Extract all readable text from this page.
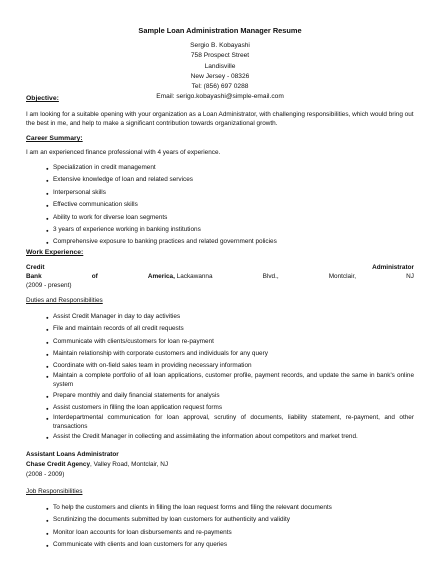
Sample Loan Administration Manager Resume
Sergio B. Kobayashi
758 Prospect Street
Landisville
New Jersey - 08326
Tel: (856) 697 0288
Email: serigo.kobayashi@simple-email.com
Objective:
I am looking for a suitable opening with your organization as a Loan Administrator, with challenging responsibilities, which would bring out the best in me, and help to make a significant contribution towards organizational growth.
Career Summary:
I am an experienced finance professional with 4 years of experience.
● Specialization in credit management
● Extensive knowledge of loan and related services
● Interpersonal skills
● Effective communication skills
● Ability to work for diverse loan segments
● 3 years of experience working in banking institutions
● Comprehensive exposure to banking practices and related government policies
Work Experience:
Credit	Administrator
Bank	of	America, Lackawanna	Blvd.,	Montclair,	NJ
(2009 - present)
Duties and Responsibilities
● Assist Credit Manager in day to day activities
● File and maintain records of all credit requests
● Communicate with clients/customers for loan re-payment
● Maintain relationship with corporate customers and individuals for any query
● Coordinate with on-field sales team in providing necessary information
● Maintain a complete portfolio of all loan applications, customer profile, payment records, and update the same in bank's online system
● Prepare monthly and daily financial statements for analysis
● Assist customers in filling the loan application request forms
● Interdepartmental communication for loan approval, scrutiny of documents, liability statement, re-payment, and other transactions
● Assist the Credit Manager in collecting and assimilating the information about competitors and market trend.
Assistant Loans Administrator
Chase Credit Agency, Valley Road, Montclair, NJ
(2008 - 2009)
Job Responsibilities
● To help the customers and clients in filling the loan request forms and filing the relevant documents
● Scrutinizing the documents submitted by loan customers for authenticity and validity
● Monitor loan accounts for loan disbursements and re-payments
● Communicate with clients and loan customers for any queries
